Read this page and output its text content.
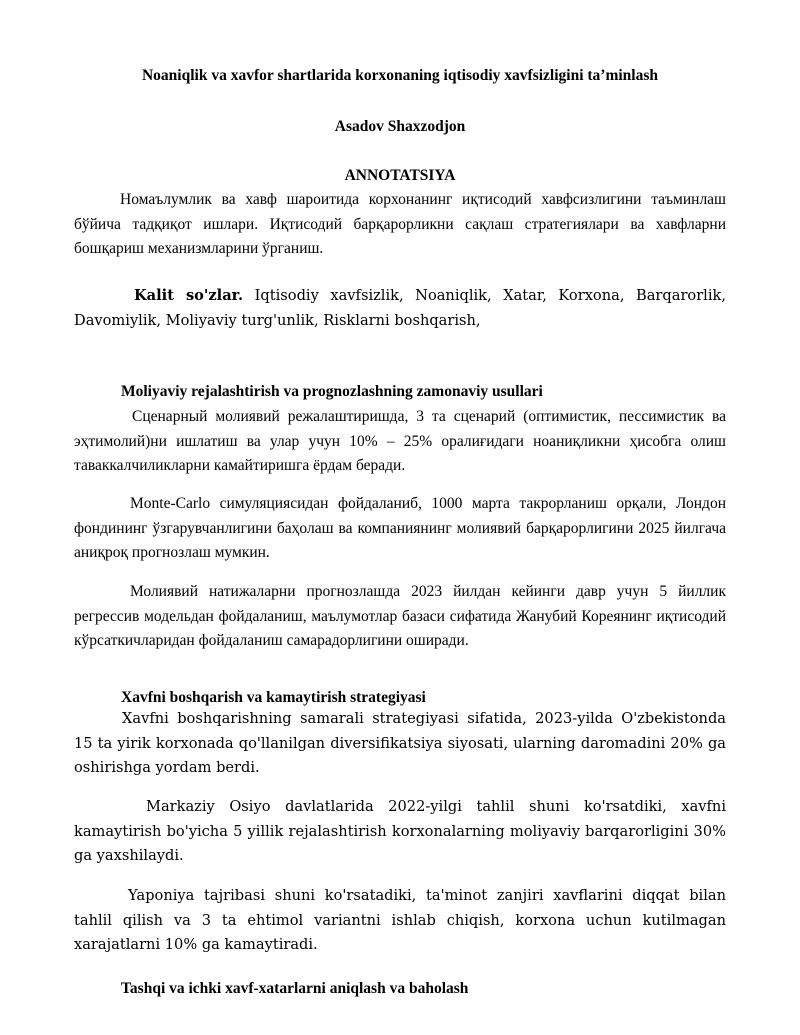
Noaniqlik va xavfor shartlarida korxonaning iqtisodiy xavfsizligini ta’minlash
Asadov Shaxzodjon
ANNOTATSIYA

Номаълумлик ва хавф шароитида корхонанинг иқтисодий хавфсизлигини таъминлаш бўйича тадқиқот ишлари. Иқтисодий барқарорликни сақлаш стратегиялари ва хавфларни бошқариш механизмларини ўрганиш.

Kalit so'zlar. Iqtisodiy xavfsizlik, Noaniqlik, Xatar, Korxona, Barqarorlik, Davomiylik, Moliyaviy turg'unlik, Risklarni boshqarish,

Moliyaviy rejalashtirish va prognozlashning zamonaviy usullari

Сценарный молиявий режалаштиришда, 3 та сценарий (оптимистик, пессимистик ва эҳтимолий)ни ишлатиш ва улар учун 10% – 25% оралиғидаги ноаниқликни ҳисобга олиш таваккалчиликларни камайтиришга ёрдам беради.

Monte-Carlo симуляциясидан фойдаланиб, 1000 марта такрорланиш орқали, Лондон фондининг ўзгарувчанлигини баҳолаш ва компаниянинг молиявий барқарорлигини 2025 йилгача аниқроқ прогнозлаш мумкин.

Молиявий натижаларни прогнозлашда 2023 йилдан кейинги давр учун 5 йиллик регрессив модельдан фойдаланиш, маълумотлар базаси сифатида Жанубий Кореянинг иқтисодий кўрсаткичларидан фойдаланиш самарадорлигини оширади.

Xavfni boshqarish va kamaytirish strategiyasi

Xavfni boshqarishning samarali strategiyasi sifatida, 2023-yilda O'zbekistonda 15 ta yirik korxonada qo'llanilgan diversifikatsiya siyosati, ularning daromadini 20% ga oshirishga yordam berdi.

Markaziy Osiyo davlatlarida 2022-yilgi tahlil shuni ko'rsatdiki, xavfni kamaytirish bo'yicha 5 yillik rejalashtirish korxonalarning moliyaviy barqarorligini 30% ga yaxshilaydi.

Yaponiya tajribasi shuni ko'rsatadiki, ta'minot zanjiri xavflarini diqqat bilan tahlil qilish va 3 ta ehtimol variantni ishlab chiqish, korxona uchun kutilmagan xarajatlarni 10% ga kamaytiradi.

Tashqi va ichki xavf-xatarlarni aniqlash va baholash
